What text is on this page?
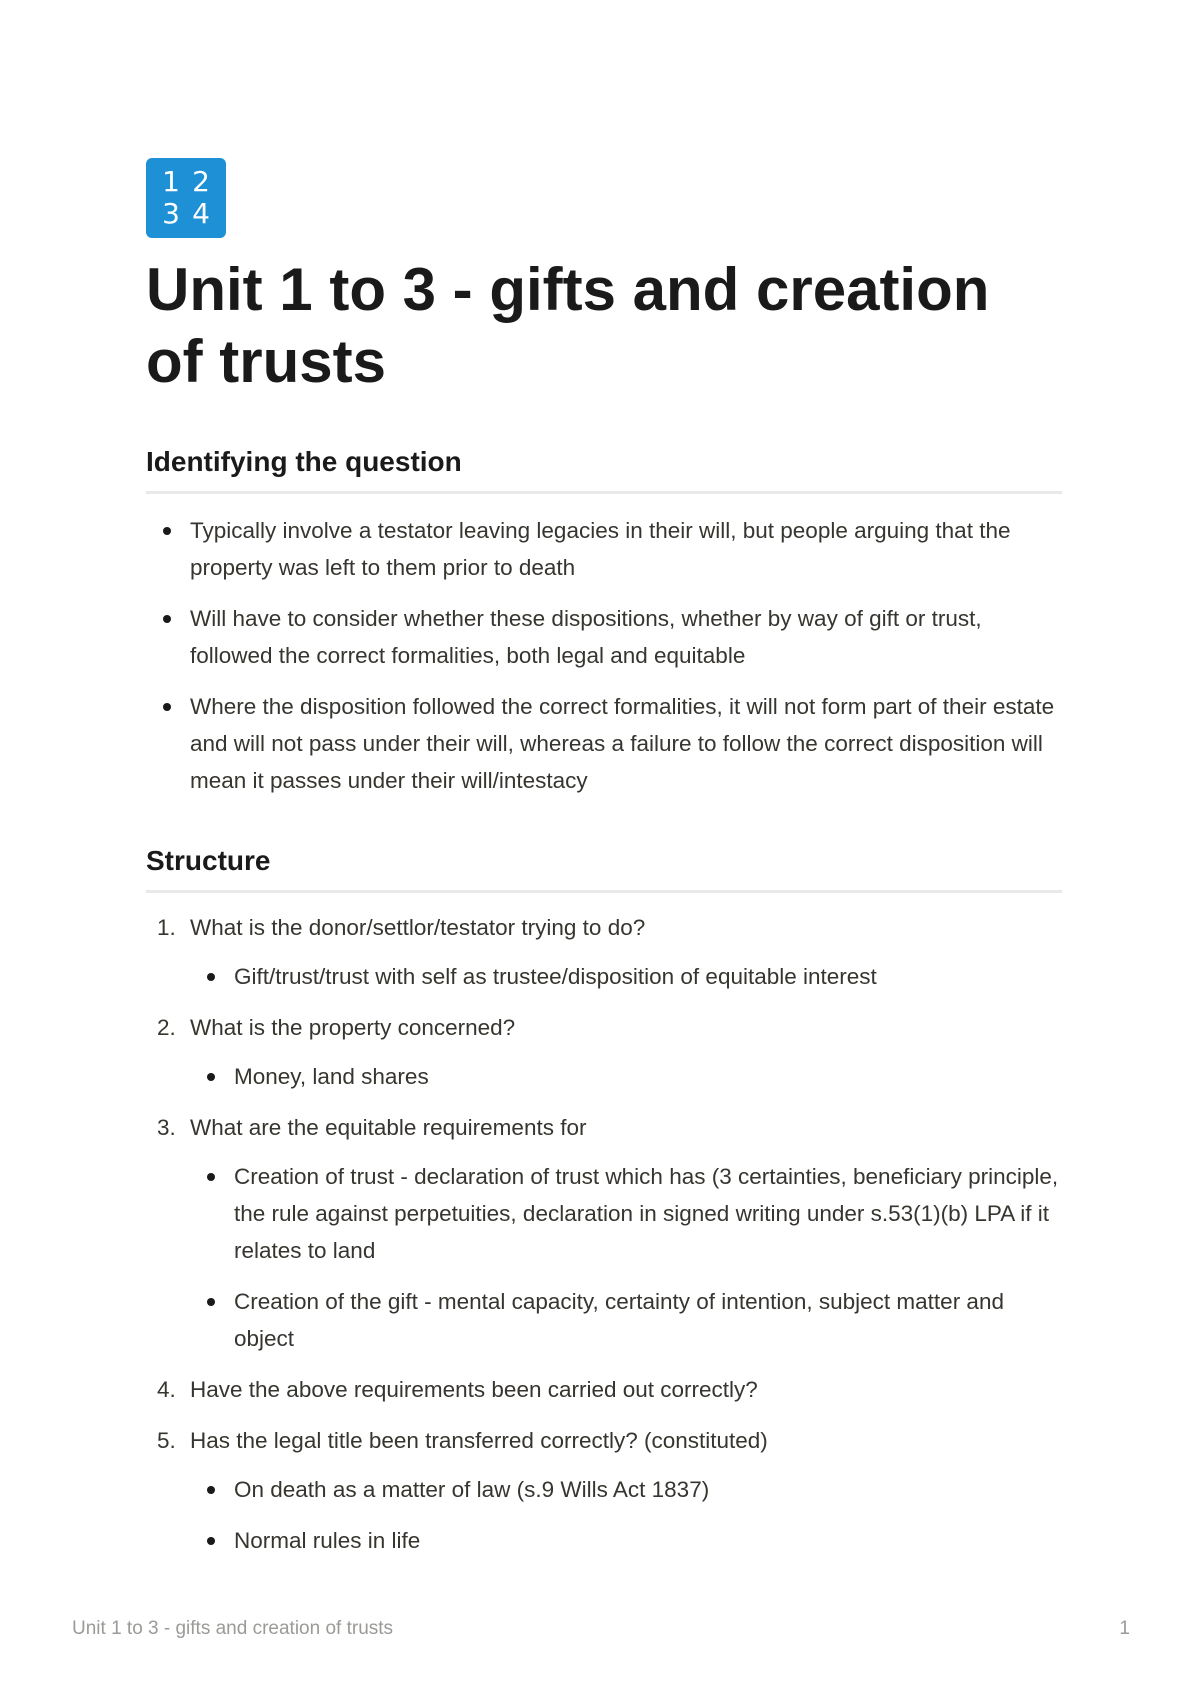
1 2
3 4
Unit 1 to 3 - gifts and creation of trusts
Identifying the question
Typically involve a testator leaving legacies in their will, but people arguing that the property was left to them prior to death
Will have to consider whether these dispositions, whether by way of gift or trust, followed the correct formalities, both legal and equitable
Where the disposition followed the correct formalities, it will not form part of their estate and will not pass under their will, whereas a failure to follow the correct disposition will mean it passes under their will/intestacy
Structure
1. What is the donor/settlor/testator trying to do?
Gift/trust/trust with self as trustee/disposition of equitable interest
2. What is the property concerned?
Money, land shares
3. What are the equitable requirements for
Creation of trust - declaration of trust which has (3 certainties, beneficiary principle, the rule against perpetuities, declaration in signed writing under s.53(1)(b) LPA if it relates to land
Creation of the gift - mental capacity, certainty of intention, subject matter and object
4. Have the above requirements been carried out correctly?
5. Has the legal title been transferred correctly? (constituted)
On death as a matter of law (s.9 Wills Act 1837)
Normal rules in life
Unit 1 to 3 - gifts and creation of trusts	1
